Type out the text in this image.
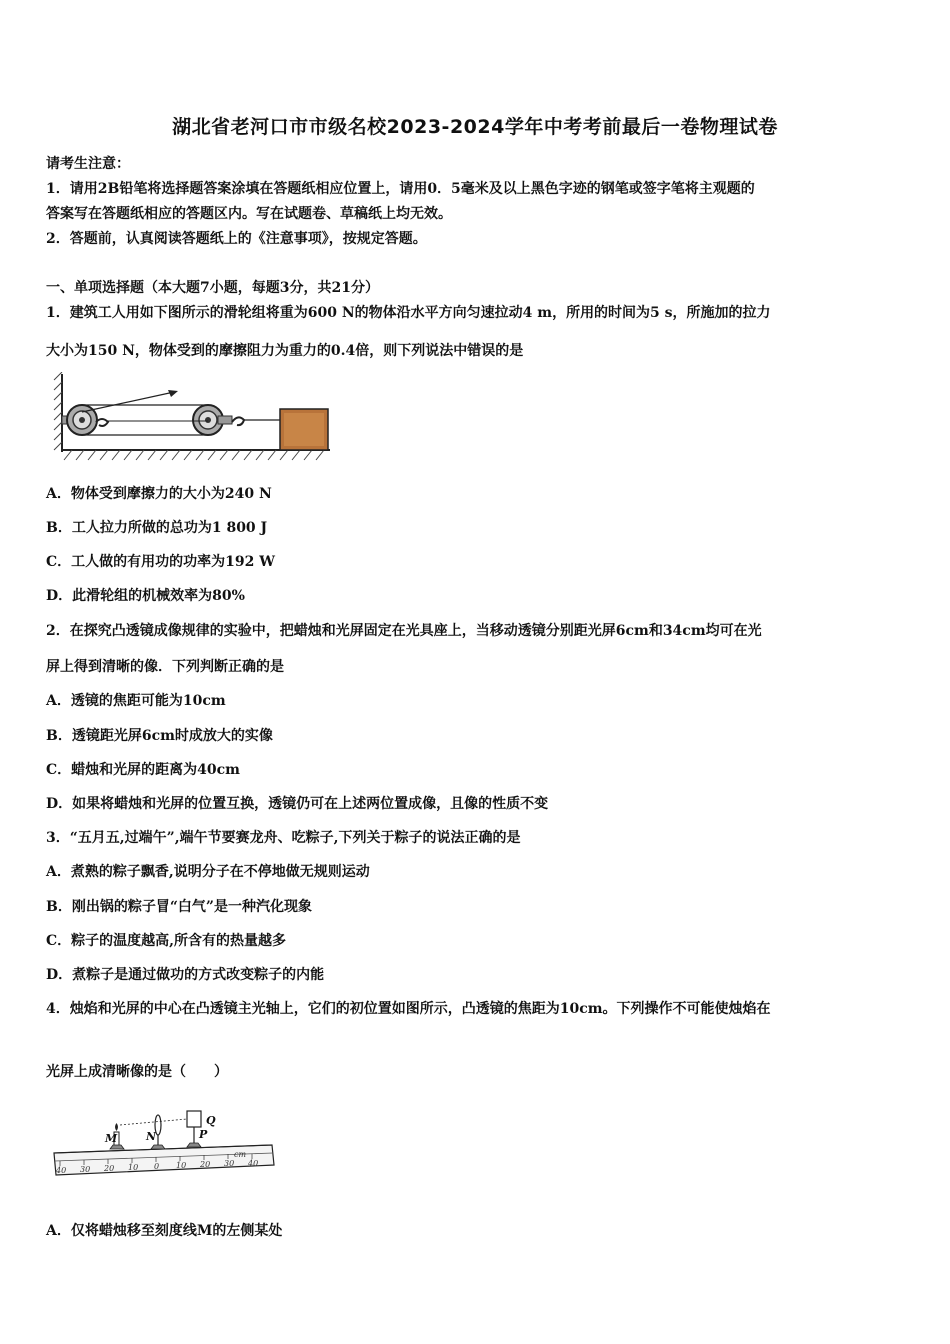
湖北省老河口市市级名校2023-2024学年中考考前最后一卷物理试卷
请考生注意：
1．请用2B铅笔将选择题答案涂填在答题纸相应位置上，请用0．5毫米及以上黑色字迹的钢笔或签字笔将主观题的
答案写在答题纸相应的答题区内。写在试题卷、草稿纸上均无效。
2．答题前，认真阅读答题纸上的《注意事项》，按规定答题。
一、单项选择题（本大题7小题，每题3分，共21分）
1．建筑工人用如下图所示的滑轮组将重为600 N的物体沿水平方向匀速拉动4 m，所用的时间为5 s，所施加的拉力
大小为150 N，物体受到的摩擦阻力为重力的0.4倍，则下列说法中错误的是
A．物体受到摩擦力的大小为240 N
B．工人拉力所做的总功为1 800 J
C．工人做的有用功的功率为192 W
D．此滑轮组的机械效率为80%
2．在探究凸透镜成像规律的实验中，把蜡烛和光屏固定在光具座上，当移动透镜分别距光屏6cm和34cm均可在光
屏上得到清晰的像．下列判断正确的是
A．透镜的焦距可能为10cm
B．透镜距光屏6cm时成放大的实像
C．蜡烛和光屏的距离为40cm
D．如果将蜡烛和光屏的位置互换，透镜仍可在上述两位置成像，且像的性质不变
3．“五月五,过端午”,端午节要赛龙舟、吃粽子,下列关于粽子的说法正确的是
A．煮熟的粽子飘香,说明分子在不停地做无规则运动
B．刚出锅的粽子冒“白气”是一种汽化现象
C．粽子的温度越高,所含有的热量越多
D．煮粽子是通过做功的方式改变粽子的内能
4．烛焰和光屏的中心在凸透镜主光轴上，它们的初位置如图所示，凸透镜的焦距为10cm。下列操作不可能使烛焰在
光屏上成清晰像的是（　　）
40 30 20 10 0 10 20 30 40
cm
M	N	P
Q
A．仅将蜡烛移至刻度线M的左侧某处
